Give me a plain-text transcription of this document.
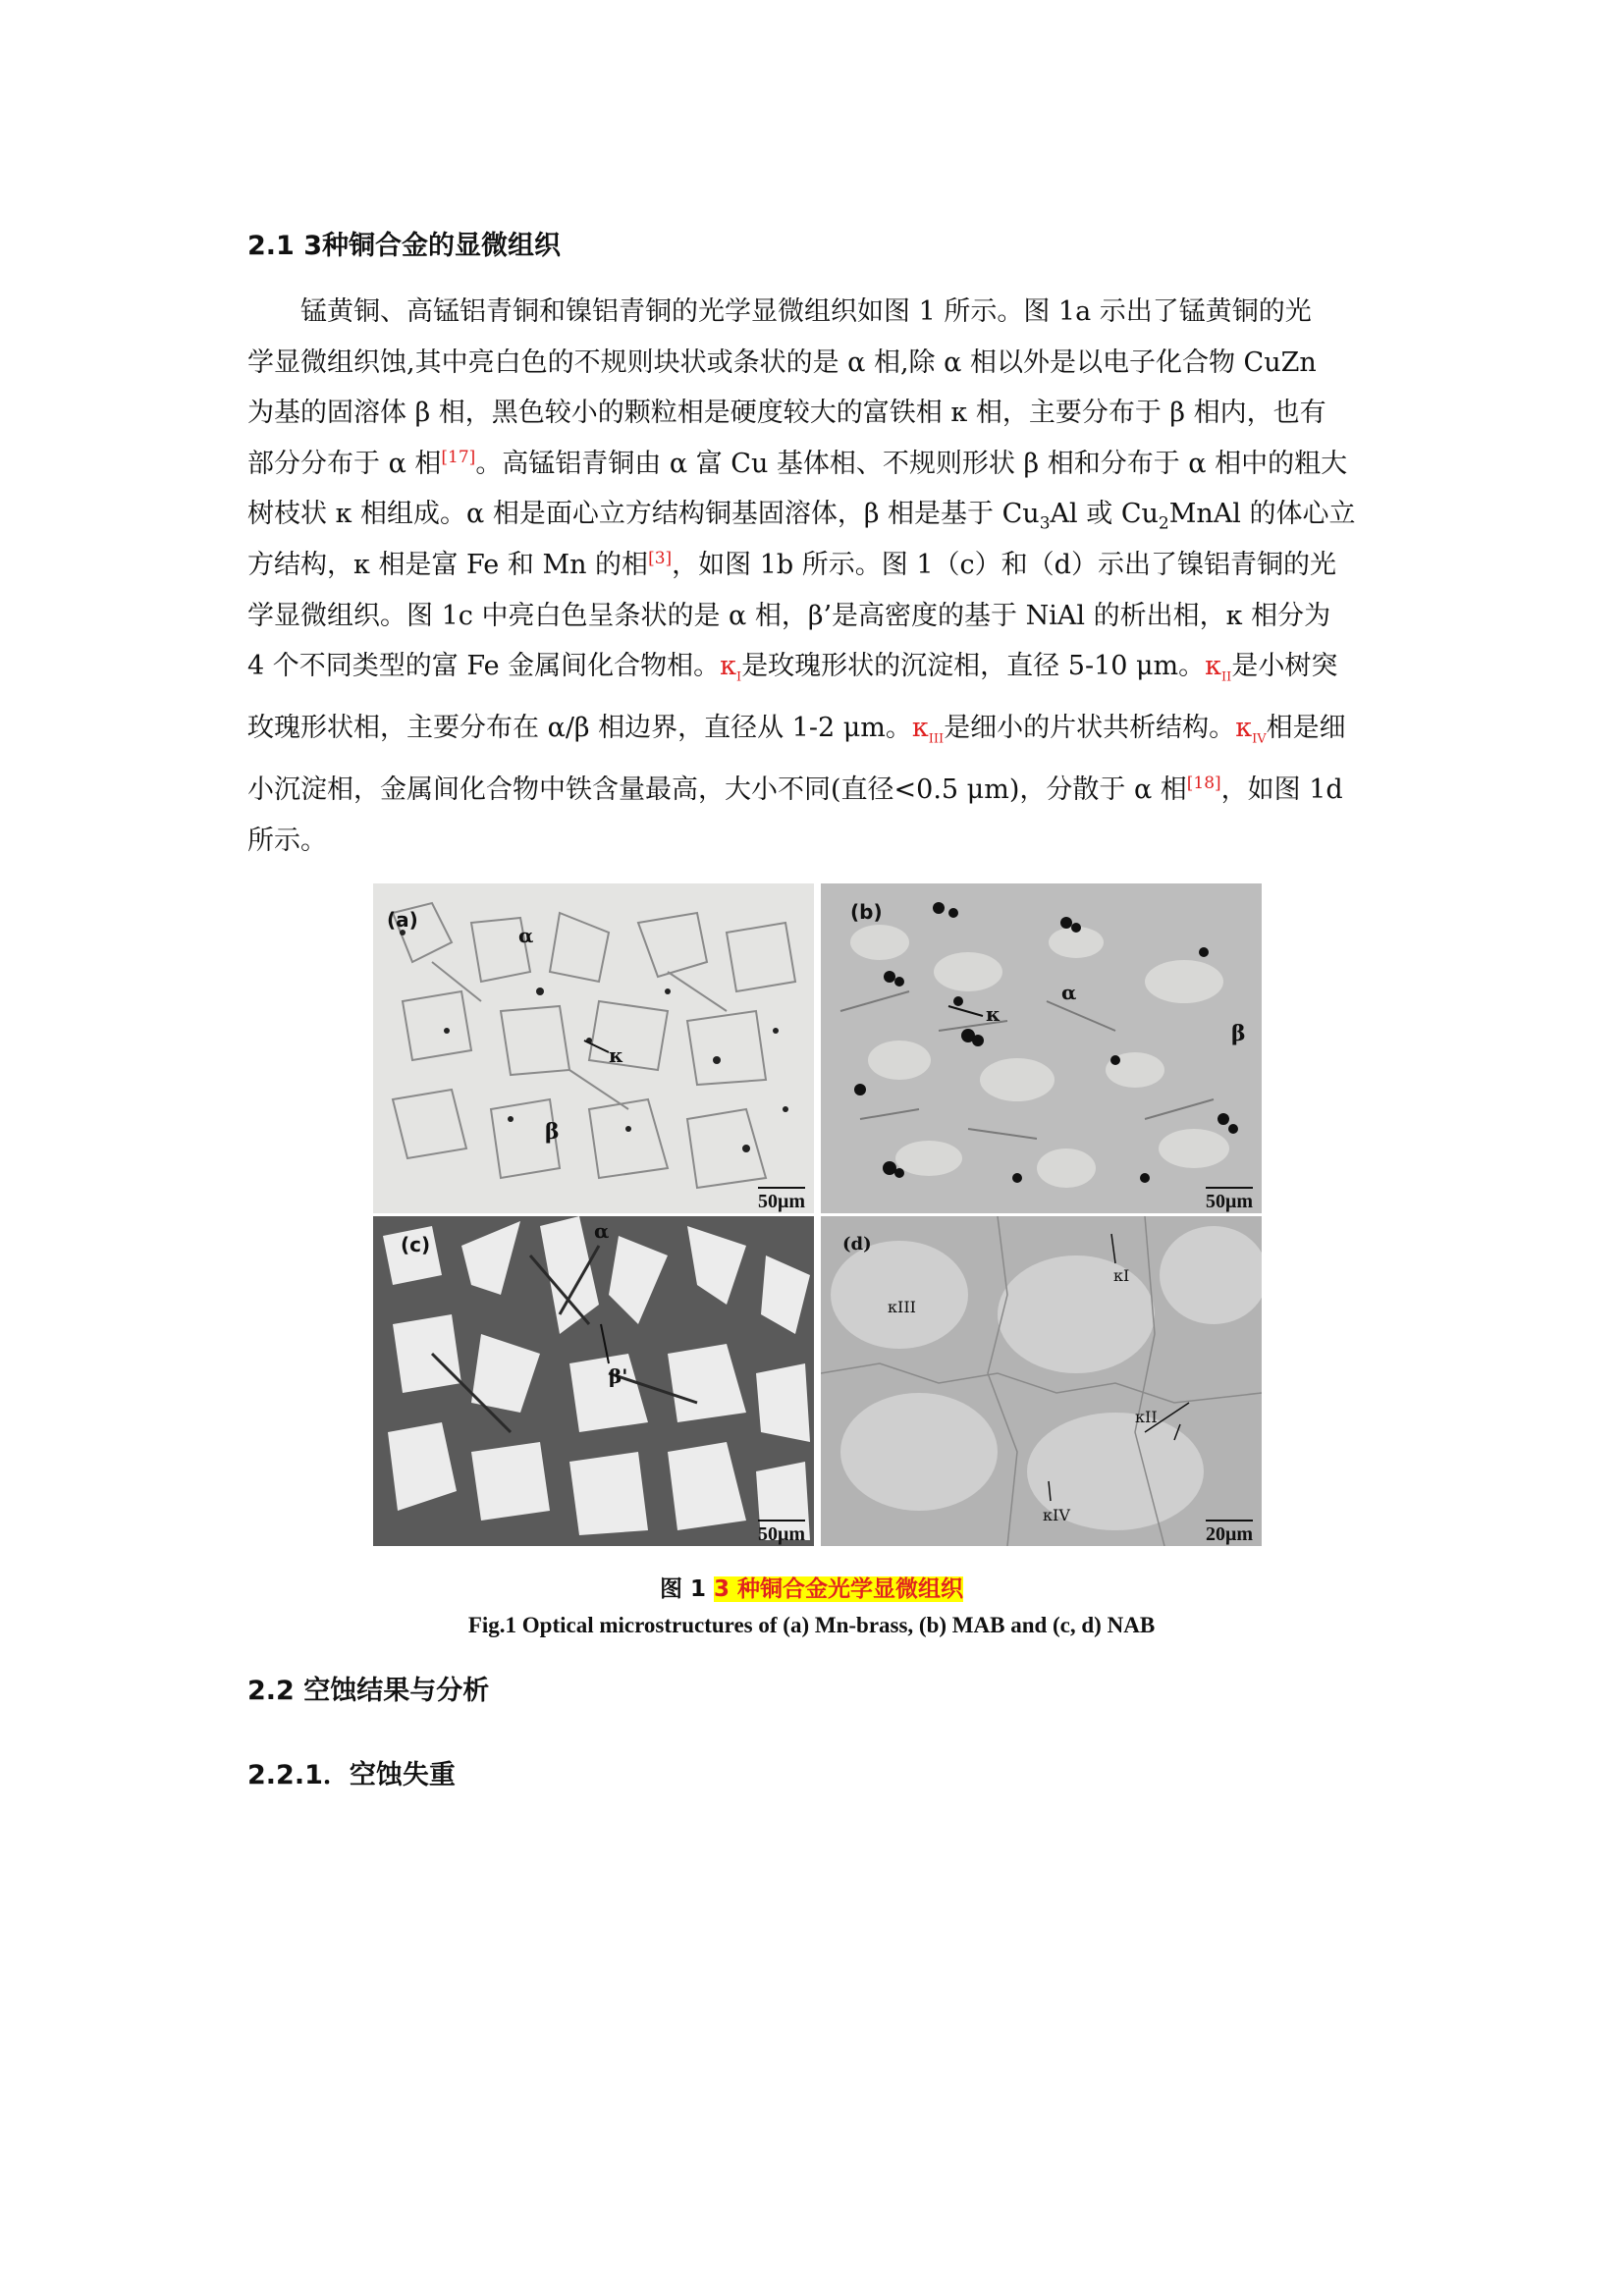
2.1 3种铜合金的显微组织
锰黄铜、高锰铝青铜和镍铝青铜的光学显微组织如图 1 所示。图 1a 示出了锰黄铜的光
学显微组织蚀,其中亮白色的不规则块状或条状的是 α 相,除 α 相以外是以电子化合物 CuZn
为基的固溶体 β 相，黑色较小的颗粒相是硬度较大的富铁相 κ 相，主要分布于 β 相内，也有
部分分布于 α 相[17]。高锰铝青铜由 α 富 Cu 基体相、不规则形状 β 相和分布于 α 相中的粗大
树枝状 κ 相组成。α 相是面心立方结构铜基固溶体，β 相是基于 $Cu_3Al$ 或 $Cu_2MnAl$ 的体心立
方结构，κ 相是富 Fe 和 Mn 的相[3]，如图 1b 所示。图 1（c）和（d）示出了镍铝青铜的光
学显微组织。图 1c 中亮白色呈条状的是 α 相，β’是高密度的基于 NiAl 的析出相，κ 相分为
4 个不同类型的富 Fe 金属间化合物相。$\kappa_I$是玫瑰形状的沉淀相，直径 5-10 μm。$\kappa_{II}$是小树突
玫瑰形状相，主要分布在 α/β 相边界，直径从 1-2 μm。$\kappa_{III}$是细小的片状共析结构。$\kappa_{IV}$相是细
小沉淀相，金属间化合物中铁含量最高，大小不同(直径<0.5 μm)，分散于 α 相[18]，如图 1d
所示。
(a)
α
κ
β
50μm
(b)
α
κ
β
50μm
(c)
α
β'
50μm
(d)
κI
κIII
κII
κIV
20μm
图 1 3 种铜合金光学显微组织
Fig.1 Optical microstructures of (a) Mn-brass, (b) MAB and (c, d) NAB
2.2 空蚀结果与分析
2.2.1．空蚀失重
